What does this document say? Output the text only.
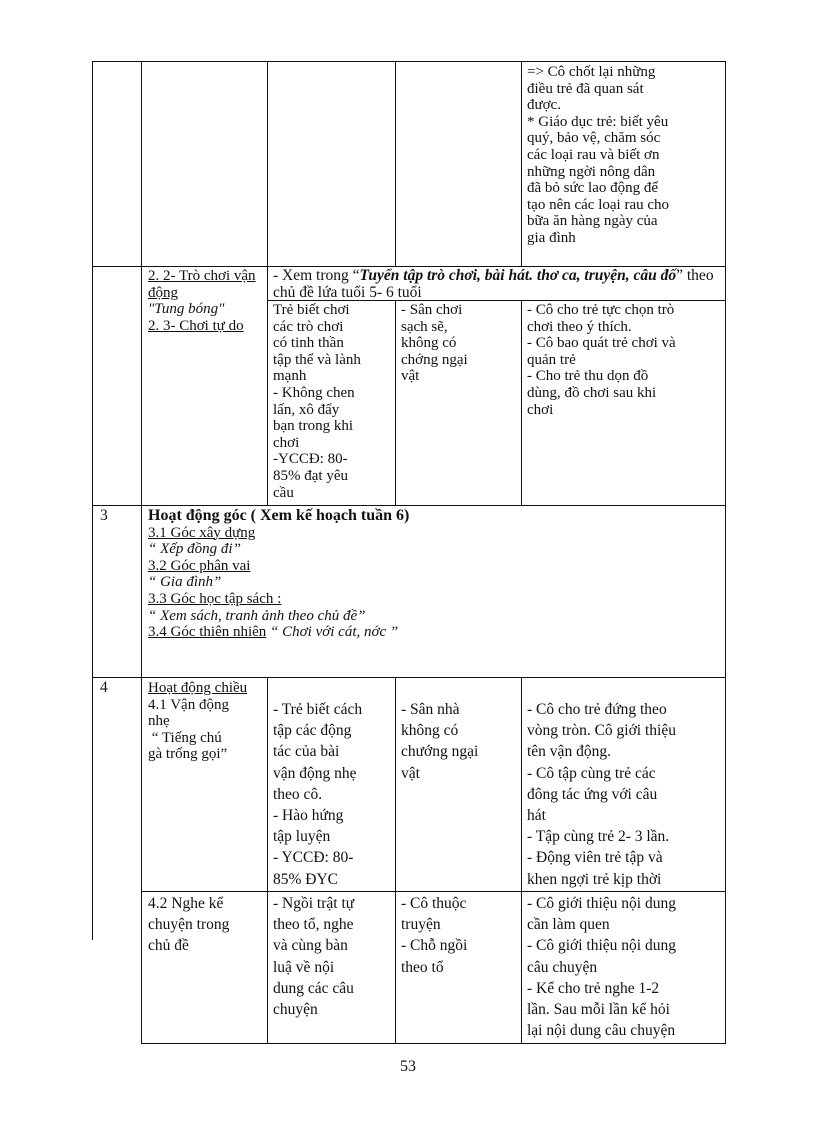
=> Cô chốt lại những
điều trẻ đã quan sát
được.
* Giáo dục trẻ: biết yêu
quý, bảo vệ, chăm sóc
các loại rau và biết ơn
những ngời nông dân
đã bỏ sức lao động để
tạo nên các loại rau cho
bữa ăn hàng ngày của
gia đình
2. 2- Trò chơi vận động
"Tung bóng"
2. 3- Chơi tự do
- Xem trong “Tuyển tập trò chơi, bài hát. thơ ca, truyện, câu đố” theo chủ đề lứa tuổi 5- 6 tuổi
Trẻ biết chơi
các trò chơi
có tinh thần
tập thể và lành
mạnh
- Không chen
lấn, xô đẩy
bạn trong khi
chơi
-YCCĐ: 80-
85% đạt yêu
cầu
- Sân chơi
sạch sẽ,
không có
chớng ngại
vật
- Cô cho trẻ tực chọn trò
chơi theo ý thích.
- Cô bao quát trẻ chơi và
quản trẻ
- Cho trẻ thu dọn đồ
dùng, đồ chơi sau khi
chơi
3	Hoạt động góc ( Xem kế hoạch tuần 6)
3.1 Góc xây dựng
“ Xếp đồng đi”
3.2 Góc phân vai
“ Gia đình”
3.3 Góc học tập sách :
“ Xem sách, tranh ảnh theo chủ đề”
3.4 Góc thiên nhiên “ Chơi với cát, nớc ”
4	Hoạt động chiều
4.1 Vận động
nhẹ
“ Tiếng chú
gà trống gọi”
- Trẻ biết cách
tập các động
tác của bài
vận động nhẹ
theo cô.
- Hào hứng
tập luyện
- YCCĐ: 80-
85% ĐYC
- Sân nhà
không có
chướng ngại
vật
- Cô cho trẻ đứng theo
vòng tròn. Cô giới thiệu
tên vận động.
- Cô tập cùng trẻ các
đông tác ứng với câu
hát
- Tập cùng trẻ 2- 3 lần.
- Động viên trẻ tập và
khen ngợi trẻ kịp thời
4.2 Nghe kể
chuyện trong
chủ đề
- Ngồi trật tự
theo tổ, nghe
và cùng bàn
luậ về nội
dung các câu
chuyện
- Cô thuộc
truyện
- Chỗ ngồi
theo tổ
- Cô giới thiệu nội dung
cần làm quen
- Cô giới thiệu nội dung
câu chuyện
- Kể cho trẻ nghe 1-2
lần. Sau mỗi lần kể hỏi
lại nội dung câu chuyện
53
